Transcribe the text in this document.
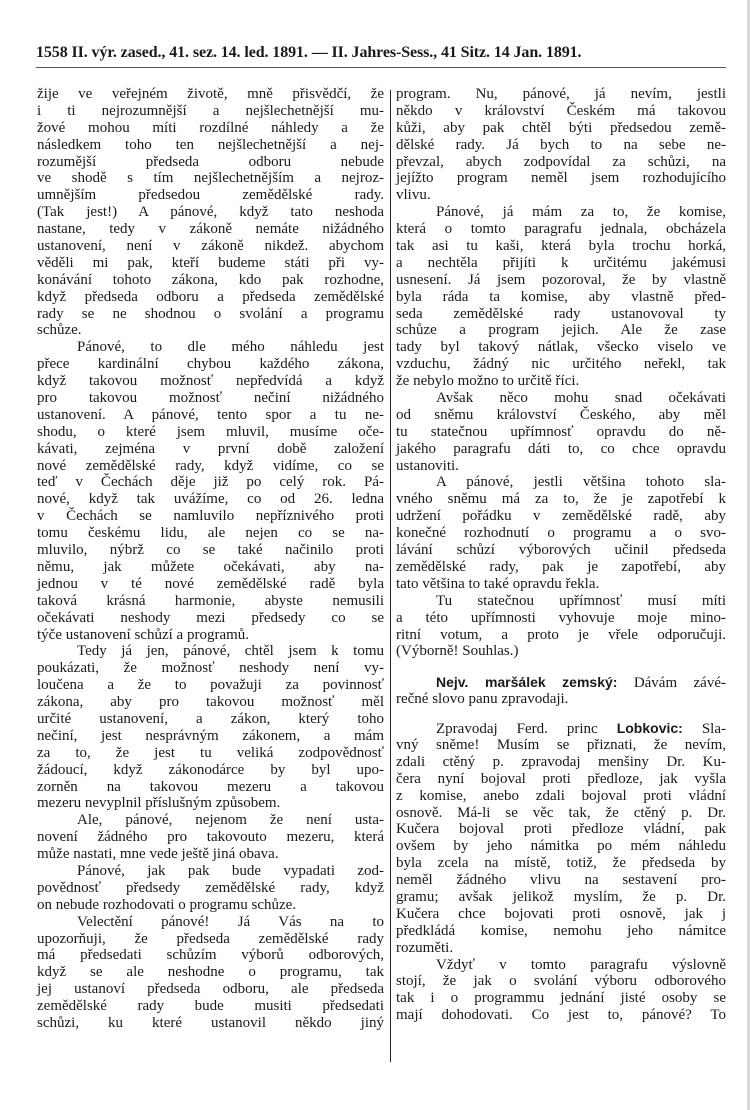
1558 II. výr. zased., 41. sez. 14. led. 1891. — II. Jahres-Sess., 41 Sitz. 14 Jan. 1891.
žije ve veřejném životě, mně přisvědčí, že
i ti nejrozumnější a nejšlechetnější mu-
žové mohou míti rozdílné náhledy a že
následkem toho ten nejšlechetnější a nej-
rozumější předseda odboru nebude
ve shodě s tím nejšlechetnějším a nejroz-
umnějším předsedou zemědělské rady.
(Tak jest!) A pánové, když tato neshoda
nastane, tedy v zákoně nemáte nižádného
ustanovení, není v zákoně nikdež. abychom
věděli mi pak, kteří budeme státi při vy-
konávání tohoto zákona, kdo pak rozhodne,
když předseda odboru a předseda zemědělské
rady se ne shodnou o svolání a programu
schůze.
Pánové, to dle mého náhledu jest
přece kardinální chybou každého zákona,
když takovou možnosť nepředvídá a když
pro takovou možnosť nečiní nižádného
ustanovení. A pánové, tento spor a tu ne-
shodu, o které jsem mluvil, musíme oče-
kávati, zejména v první době založení
nové zemědělské rady, když vidíme, co se
teď v Čechách děje již po celý rok. Pá-
nové, když tak uvážíme, co od 26. ledna
v Čechách se namluvilo nepříznivého proti
tomu českému lidu, ale nejen co se na-
mluvilo, nýbrž co se také načinilo proti
němu, jak můžete očekávati, aby na-
jednou v té nové zemědělské radě byla
taková krásná harmonie, abyste nemusili
očekávati neshody mezi předsedy co se
týče ustanovení schůzí a programů.
Tedy já jen, pánové, chtěl jsem k tomu
poukázati, že možnosť neshody není vy-
loučena a že to považuji za povinnosť
zákona, aby pro takovou možnosť měl
určité ustanovení, a zákon, který toho
nečiní, jest nesprávným zákonem, a mám
za to, že jest tu veliká zodpovědnosť
žádoucí, když zákonodárce by byl upo-
zorněn na takovou mezeru a takovou
mezeru nevyplnil příslušným způsobem.
Ale, pánové, nejenom že není usta-
novení žádného pro takovouto mezeru, která
může nastati, mne vede ještě jiná obava.
Pánové, jak pak bude vypadati zod-
povědnosť předsedy zemědělské rady, když
on nebude rozhodovati o programu schůze.
Velectění pánové! Já Vás na to
upozorňuji, že předseda zemědělské rady
má předsedati schůzím výborů odborových,
když se ale neshodne o programu, tak
jej ustanoví předseda odboru, ale předseda
zemědělské rady bude musiti předsedati
schůzi, ku které ustanovil někdo jiný
program. Nu, pánové, já nevím, jestli
někdo v království Českém má takovou
kůži, aby pak chtěl býti předsedou země-
dělské rady. Já bych to na sebe ne-
převzal, abych zodpovídal za schůzi, na
jejížto program neměl jsem rozhodujícího
vlivu.
Pánové, já mám za to, že komise,
která o tomto paragrafu jednala, obcházela
tak asi tu kaši, která byla trochu horká,
a nechtěla přijíti k určitému jakémusi
usnesení. Já jsem pozoroval, že by vlastně
byla ráda ta komise, aby vlastně před-
seda zemědělské rady ustanovoval ty
schůze a program jejich. Ale že zase
tady byl takový nátlak, všecko viselo ve
vzduchu, žádný nic určitého neřekl, tak
že nebylo možno to určitě říci.
Avšak něco mohu snad očekávati
od sněmu království Českého, aby měl
tu statečnou upřímnosť opravdu do ně-
jakého paragrafu dáti to, co chce opravdu
ustanoviti.
A pánové, jestli většina tohoto sla-
vného sněmu má za to, že je zapotřebí k
udržení pořádku v zemědělské radě, aby
konečné rozhodnutí o programu a o svo-
lávání schůzí výborových učinil předseda
zemědělské rady, pak je zapotřebí, aby
tato většina to také opravdu řekla.
Tu statečnou upřímnosť musí míti
a této upřímnosti vyhovuje moje mino-
ritní votum, a proto je vřele odporučuji.
(Výborně! Souhlas.)
Nejv. maršálek zemský: Dávám závé-
rečné slovo panu zpravodaji.
Zpravodaj Ferd. princ Lobkovic: Sla-
vný sněme! Musím se přiznati, že nevím,
zdali ctěný p. zpravodaj menšiny Dr. Ku-
čera nyní bojoval proti předloze, jak vyšla
z komise, anebo zdali bojoval proti vládní
osnově. Má-li se věc tak, že ctěný p. Dr.
Kučera bojoval proti předloze vládní, pak
ovšem by jeho námitka po mém náhledu
byla zcela na místě, totiž, že předseda by
neměl žádného vlivu na sestavení pro-
gramu; avšak jelikož myslím, že p. Dr.
Kučera chce bojovati proti osnově, jak j
předkládá komise, nemohu jeho námitce
rozuměti.
Vždyť v tomto paragrafu výslovně
stojí, že jak o svolání výboru odborového
tak i o programmu jednání jisté osoby se
mají dohodovati. Co jest to, pánové? To
